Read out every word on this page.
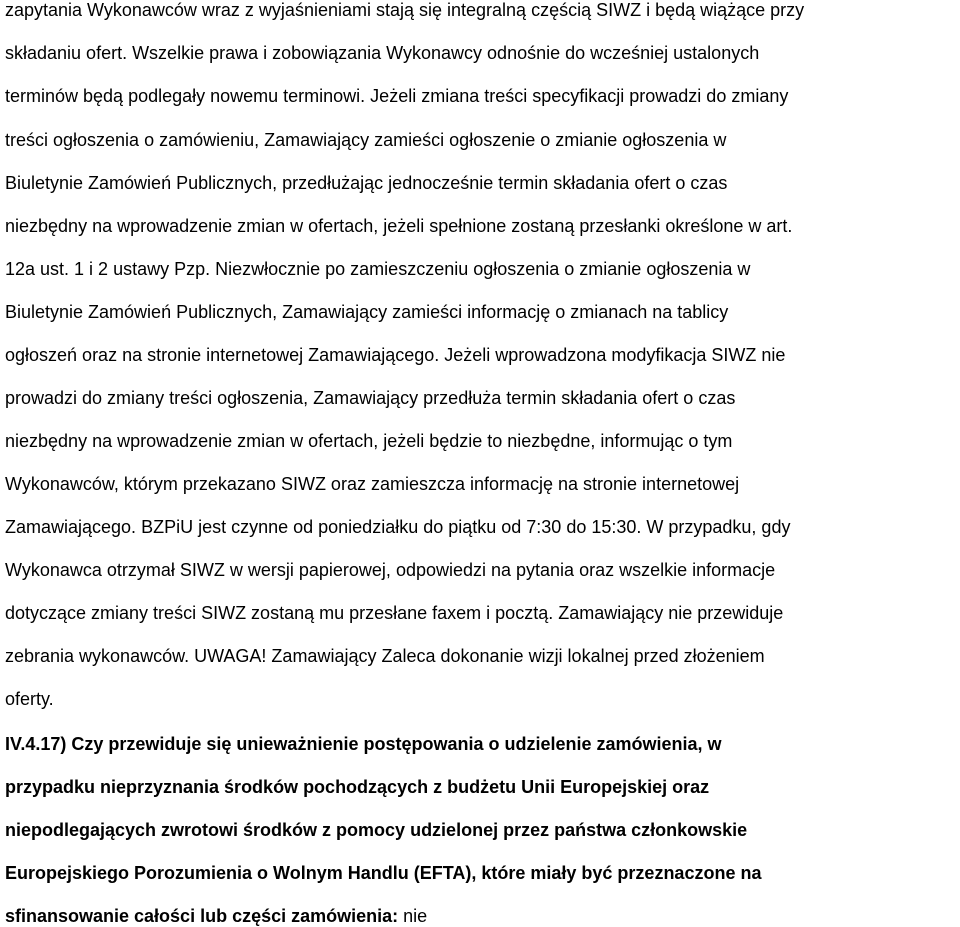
zapytania Wykonawców wraz z wyjaśnieniami stają się integralną częścią SIWZ i będą wiążące przy
składaniu ofert. Wszelkie prawa i zobowiązania Wykonawcy odnośnie do wcześniej ustalonych
terminów będą podlegały nowemu terminowi. Jeżeli zmiana treści specyfikacji prowadzi do zmiany
treści ogłoszenia o zamówieniu, Zamawiający zamieści ogłoszenie o zmianie ogłoszenia w
Biuletynie Zamówień Publicznych, przedłużając jednocześnie termin składania ofert o czas
niezbędny na wprowadzenie zmian w ofertach, jeżeli spełnione zostaną przesłanki określone w art.
12a ust. 1 i 2 ustawy Pzp. Niezwłocznie po zamieszczeniu ogłoszenia o zmianie ogłoszenia w
Biuletynie Zamówień Publicznych, Zamawiający zamieści informację o zmianach na tablicy
ogłoszeń oraz na stronie internetowej Zamawiającego. Jeżeli wprowadzona modyfikacja SIWZ nie
prowadzi do zmiany treści ogłoszenia, Zamawiający przedłuża termin składania ofert o czas
niezbędny na wprowadzenie zmian w ofertach, jeżeli będzie to niezbędne, informując o tym
Wykonawców, którym przekazano SIWZ oraz zamieszcza informację na stronie internetowej
Zamawiającego. BZPiU jest czynne od poniedziałku do piątku od 7:30 do 15:30. W przypadku, gdy
Wykonawca otrzymał SIWZ w wersji papierowej, odpowiedzi na pytania oraz wszelkie informacje
dotyczące zmiany treści SIWZ zostaną mu przesłane faxem i pocztą. Zamawiający nie przewiduje
zebrania wykonawców. UWAGA! Zamawiający Zaleca dokonanie wizji lokalnej przed złożeniem
oferty.
IV.4.17) Czy przewiduje się unieważnienie postępowania o udzielenie zamówienia, w
przypadku nieprzyznania środków pochodzących z budżetu Unii Europejskiej oraz
niepodlegających zwrotowi środków z pomocy udzielonej przez państwa członkowskie
Europejskiego Porozumienia o Wolnym Handlu (EFTA), które miały być przeznaczone na
sfinansowanie całości lub części zamówienia: nie
